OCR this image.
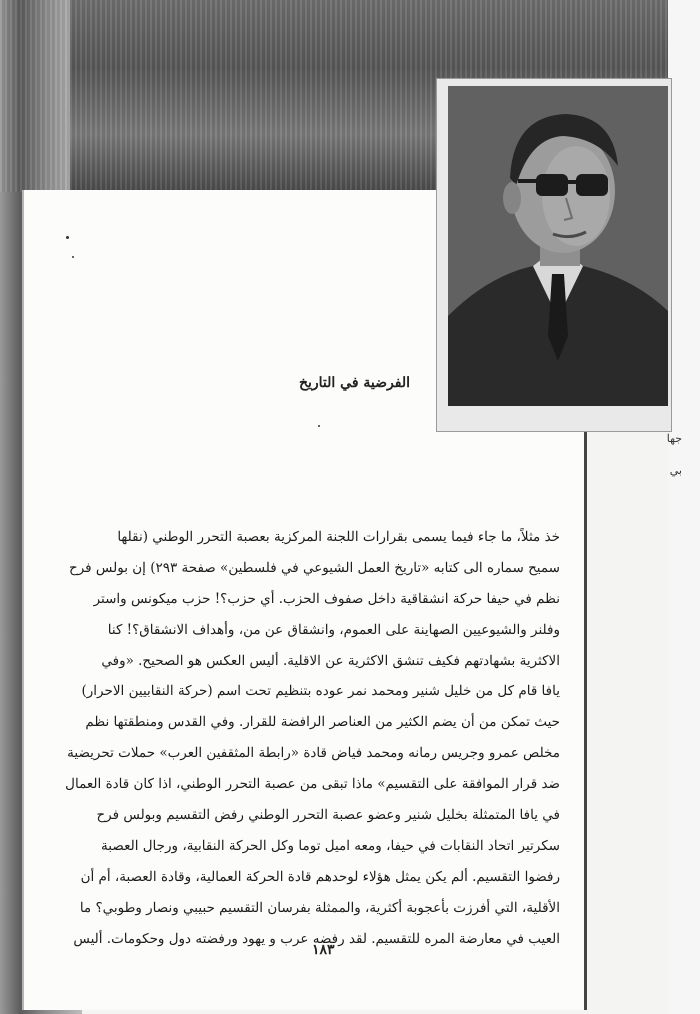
جها
بي
الفرضية في التاريخ
خذ مثلاً، ما جاء فيما يسمى بقرارات اللجنة المركزية بعصبة التحرر الوطني (نقلها
سميح سماره الى كتابه «تاريخ العمل الشيوعي في فلسطين» صفحة ٢٩٣) إن بولس فرح
نظم في حيفا حركة انشقاقية داخل صفوف الحزب. أي حزب؟! حزب ميكونس واستر
وفلنر والشيوعيين الصهاينة على العموم، وانشقاق عن من، وأهداف الانشقاق؟! كنا
الاكثرية بشهادتهم فكيف تنشق الاكثرية عن الاقلية. أليس العكس هو الصحيح. «وفي
يافا قام كل من خليل شنير ومحمد نمر عوده بتنظيم تحت اسم (حركة النقابيين الاحرار)
حيث تمكن من أن يضم الكثير من العناصر الرافضة للقرار. وفي القدس ومنطقتها نظم
مخلص عمرو وجريس رمانه ومحمد فياض قادة «رابطة المثقفين العرب» حملات تحريضية
ضد قرار الموافقة على التقسيم» ماذا تبقى من عصبة التحرر الوطني، اذا كان قادة العمال
في يافا المتمثلة بخليل شنير وعضو عصبة التحرر الوطني رفض التقسيم وبولس فرح
سكرتير اتحاد النقابات في حيفا، ومعه اميل توما وكل الحركة النقابية، ورجال العصبة
رفضوا التقسيم. ألم يكن يمثل هؤلاء لوحدهم قادة الحركة العمالية، وقادة العصبة، أم أن
الأقلية، التي أفرزت بأعجوبة أكثرية، والممثلة بفرسان التقسيم حبيبي ونصار وطوبي؟ ما
العيب في معارضة المره للتقسيم. لقد رفضه عرب و يهود ورفضته دول وحكومات. أليس
١٨٣
